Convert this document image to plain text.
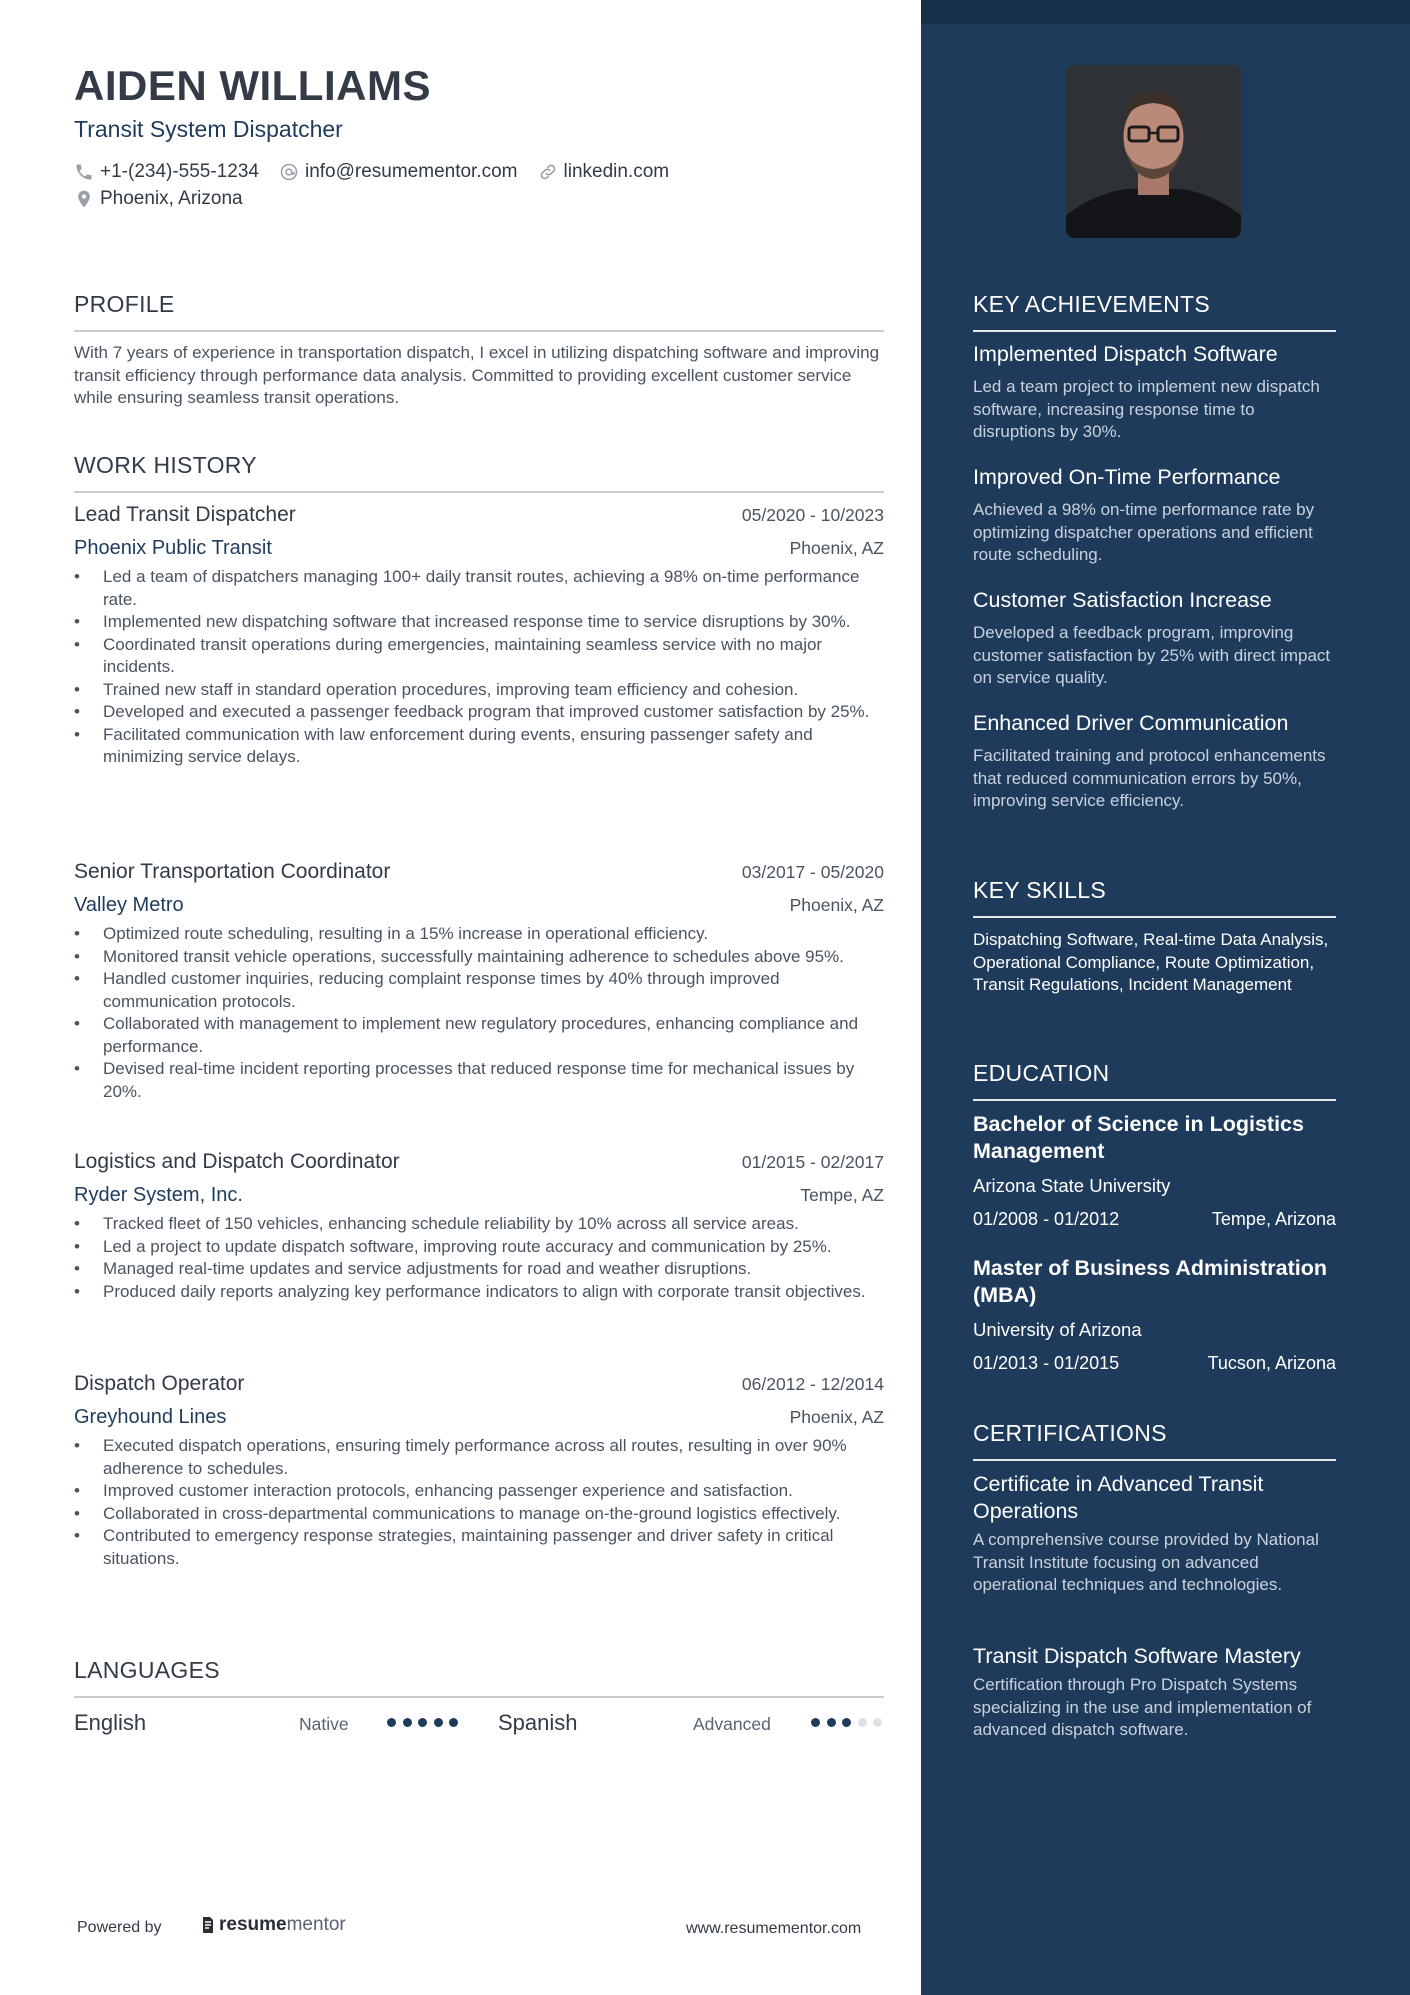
AIDEN WILLIAMS
Transit System Dispatcher
+1-(234)-555-1234 info@resumementor.com linkedin.com
Phoenix, Arizona
PROFILE
With 7 years of experience in transportation dispatch, I excel in utilizing dispatching software and improving transit efficiency through performance data analysis. Committed to providing excellent customer service while ensuring seamless transit operations.
WORK HISTORY
Lead Transit Dispatcher	05/2020 - 10/2023
Phoenix Public Transit	Phoenix, AZ
• Led a team of dispatchers managing 100+ daily transit routes, achieving a 98% on-time performance rate.
• Implemented new dispatching software that increased response time to service disruptions by 30%.
• Coordinated transit operations during emergencies, maintaining seamless service with no major incidents.
• Trained new staff in standard operation procedures, improving team efficiency and cohesion.
• Developed and executed a passenger feedback program that improved customer satisfaction by 25%.
• Facilitated communication with law enforcement during events, ensuring passenger safety and minimizing service delays.
Senior Transportation Coordinator	03/2017 - 05/2020
Valley Metro	Phoenix, AZ
• Optimized route scheduling, resulting in a 15% increase in operational efficiency.
• Monitored transit vehicle operations, successfully maintaining adherence to schedules above 95%.
• Handled customer inquiries, reducing complaint response times by 40% through improved communication protocols.
• Collaborated with management to implement new regulatory procedures, enhancing compliance and performance.
• Devised real-time incident reporting processes that reduced response time for mechanical issues by 20%.
Logistics and Dispatch Coordinator	01/2015 - 02/2017
Ryder System, Inc.	Tempe, AZ
• Tracked fleet of 150 vehicles, enhancing schedule reliability by 10% across all service areas.
• Led a project to update dispatch software, improving route accuracy and communication by 25%.
• Managed real-time updates and service adjustments for road and weather disruptions.
• Produced daily reports analyzing key performance indicators to align with corporate transit objectives.
Dispatch Operator	06/2012 - 12/2014
Greyhound Lines	Phoenix, AZ
• Executed dispatch operations, ensuring timely performance across all routes, resulting in over 90% adherence to schedules.
• Improved customer interaction protocols, enhancing passenger experience and satisfaction.
• Collaborated in cross-departmental communications to manage on-the-ground logistics effectively.
• Contributed to emergency response strategies, maintaining passenger and driver safety in critical situations.
LANGUAGES
English	Native	Spanish	Advanced
Powered by	resume mentor	www.resumementor.com
KEY ACHIEVEMENTS
Implemented Dispatch Software
Led a team project to implement new dispatch software, increasing response time to disruptions by 30%.
Improved On-Time Performance
Achieved a 98% on-time performance rate by optimizing dispatcher operations and efficient route scheduling.
Customer Satisfaction Increase
Developed a feedback program, improving customer satisfaction by 25% with direct impact on service quality.
Enhanced Driver Communication
Facilitated training and protocol enhancements that reduced communication errors by 50%, improving service efficiency.
KEY SKILLS
Dispatching Software, Real-time Data Analysis, Operational Compliance, Route Optimization, Transit Regulations, Incident Management
EDUCATION
Bachelor of Science in Logistics Management
Arizona State University
01/2008 - 01/2012	Tempe, Arizona
Master of Business Administration (MBA)
University of Arizona
01/2013 - 01/2015	Tucson, Arizona
CERTIFICATIONS
Certificate in Advanced Transit Operations
A comprehensive course provided by National Transit Institute focusing on advanced operational techniques and technologies.
Transit Dispatch Software Mastery
Certification through Pro Dispatch Systems specializing in the use and implementation of advanced dispatch software.
